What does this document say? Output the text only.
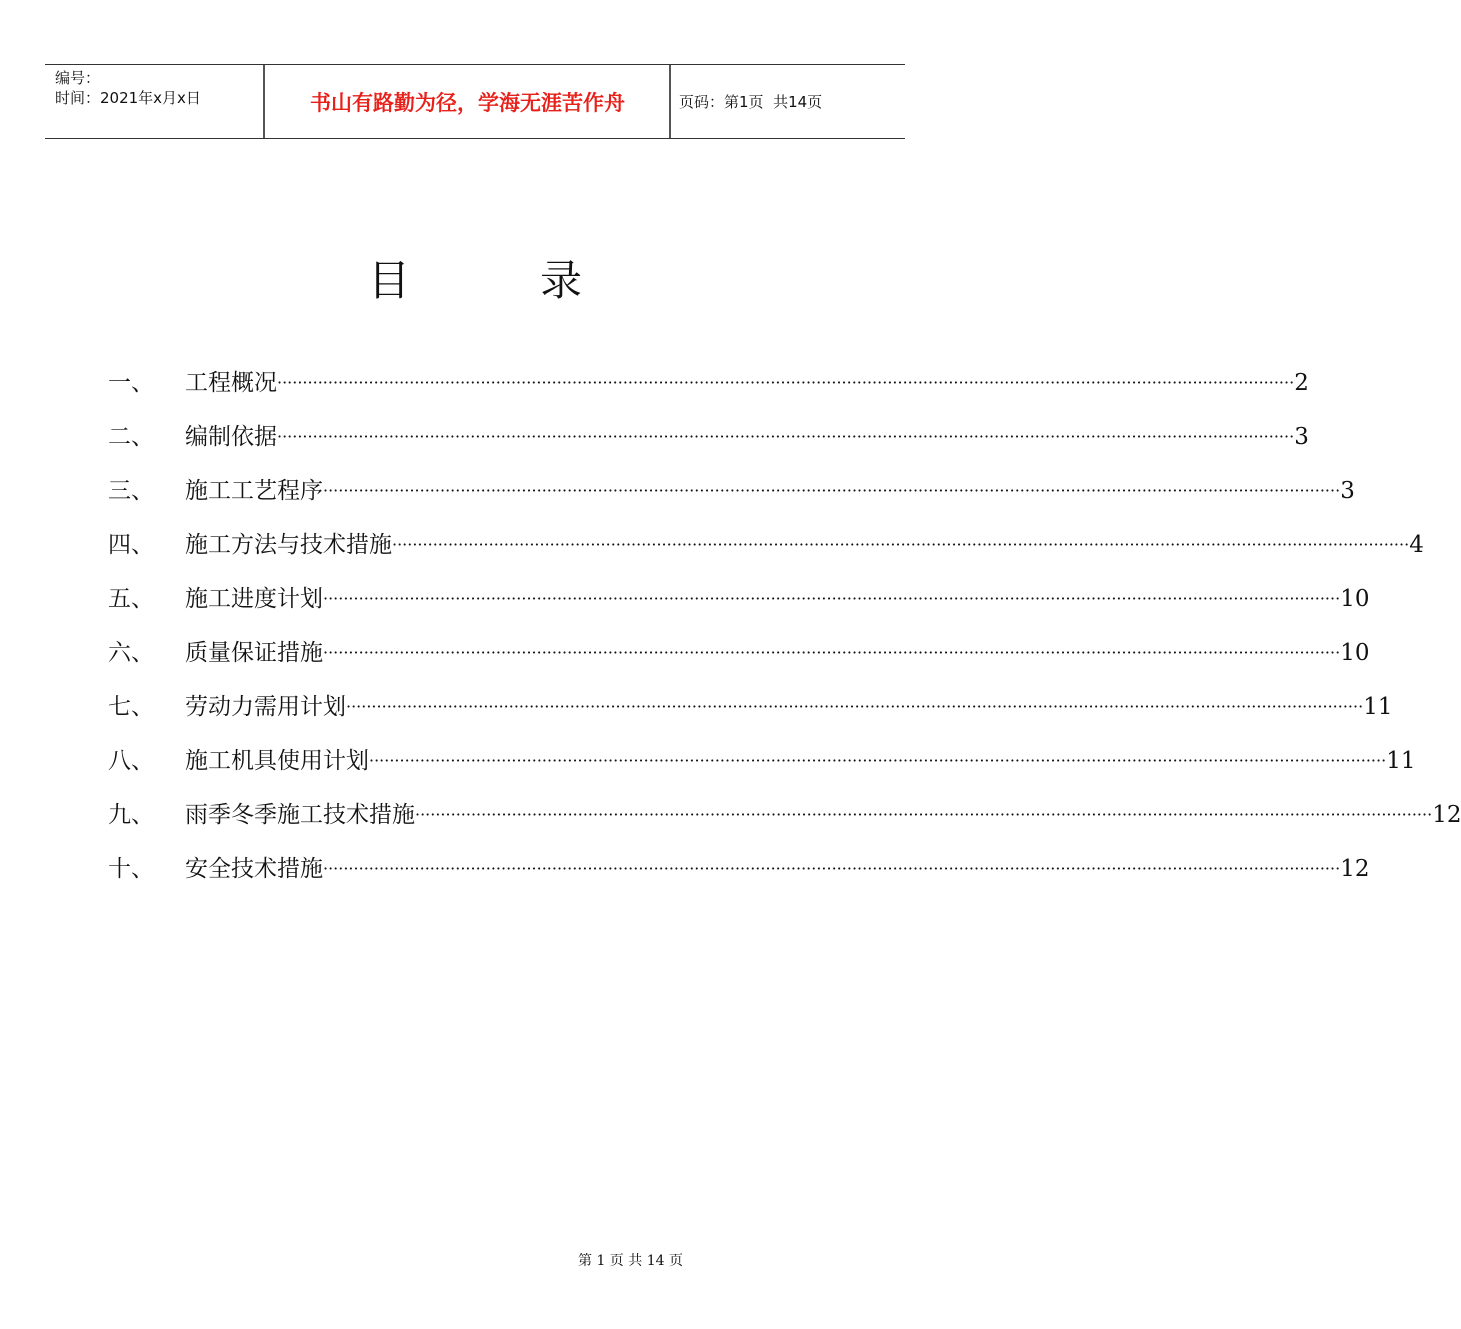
编号：
时间：2021年x月x日	书山有路勤为径，学海无涯苦作舟	页码：第1页  共14页
目	录
一、	工程概况 ········································································································································································································ 2
二、	编制依据 ········································································································································································································ 3
三、	施工工艺程序 ········································································································································································································ 3
四、	施工方法与技术措施 ········································································································································································································ 4
五、	施工进度计划 ········································································································································································································ 10
六、	质量保证措施 ········································································································································································································ 10
七、	劳动力需用计划 ········································································································································································································ 11
八、	施工机具使用计划 ········································································································································································································ 11
九、	雨季冬季施工技术措施 ········································································································································································································ 12
十、	安全技术措施 ········································································································································································································ 12
第 1 页 共 14 页
